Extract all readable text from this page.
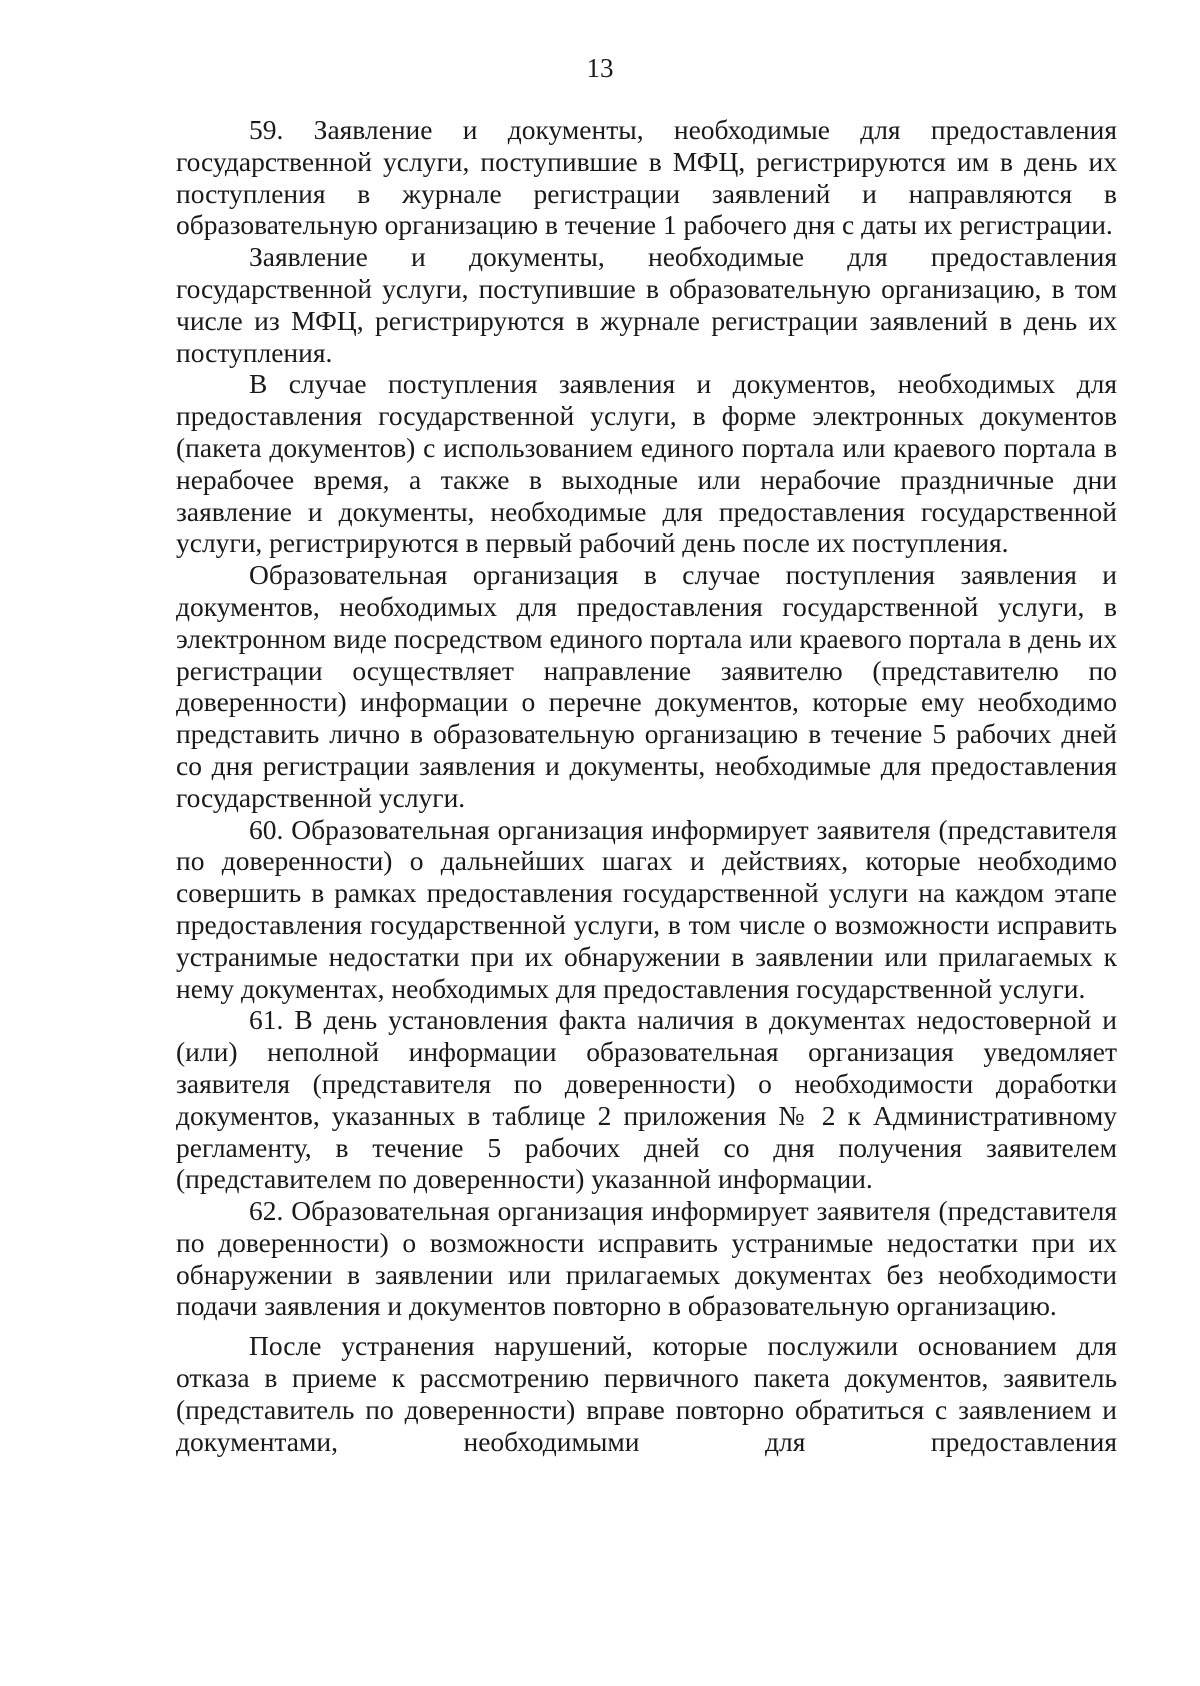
13

59. Заявление и документы, необходимые для предоставления государственной услуги, поступившие в МФЦ, регистрируются им в день их поступления в журнале регистрации заявлений и направляются в образовательную организацию в течение 1 рабочего дня с даты их регистрации.

Заявление и документы, необходимые для предоставления государственной услуги, поступившие в образовательную организацию, в том числе из МФЦ, регистрируются в журнале регистрации заявлений в день их поступления.

В случае поступления заявления и документов, необходимых для предоставления государственной услуги, в форме электронных документов (пакета документов) с использованием единого портала или краевого портала в нерабочее время, а также в выходные или нерабочие праздничные дни заявление и документы, необходимые для предоставления государственной услуги, регистрируются в первый рабочий день после их поступления.

Образовательная организация в случае поступления заявления и документов, необходимых для предоставления государственной услуги, в электронном виде посредством единого портала или краевого портала в день их регистрации осуществляет направление заявителю (представителю по доверенности) информации о перечне документов, которые ему необходимо представить лично в образовательную организацию в течение 5 рабочих дней со дня регистрации заявления и документы, необходимые для предоставления государственной услуги.

60. Образовательная организация информирует заявителя (представителя по доверенности) о дальнейших шагах и действиях, которые необходимо совершить в рамках предоставления государственной услуги на каждом этапе предоставления государственной услуги, в том числе о возможности исправить устранимые недостатки при их обнаружении в заявлении или прилагаемых к нему документах, необходимых для предоставления государственной услуги.

61. В день установления факта наличия в документах недостоверной и (или) неполной информации образовательная организация уведомляет заявителя (представителя по доверенности) о необходимости доработки документов, указанных в таблице 2 приложения № 2 к Административному регламенту, в течение 5 рабочих дней со дня получения заявителем (представителем по доверенности) указанной информации.

62. Образовательная организация информирует заявителя (представителя по доверенности) о возможности исправить устранимые недостатки при их обнаружении в заявлении или прилагаемых документах без необходимости подачи заявления и документов повторно в образовательную организацию.

После устранения нарушений, которые послужили основанием для отказа в приеме к рассмотрению первичного пакета документов, заявитель (представитель по доверенности) вправе повторно обратиться с заявлением и документами, необходимыми для предоставления
